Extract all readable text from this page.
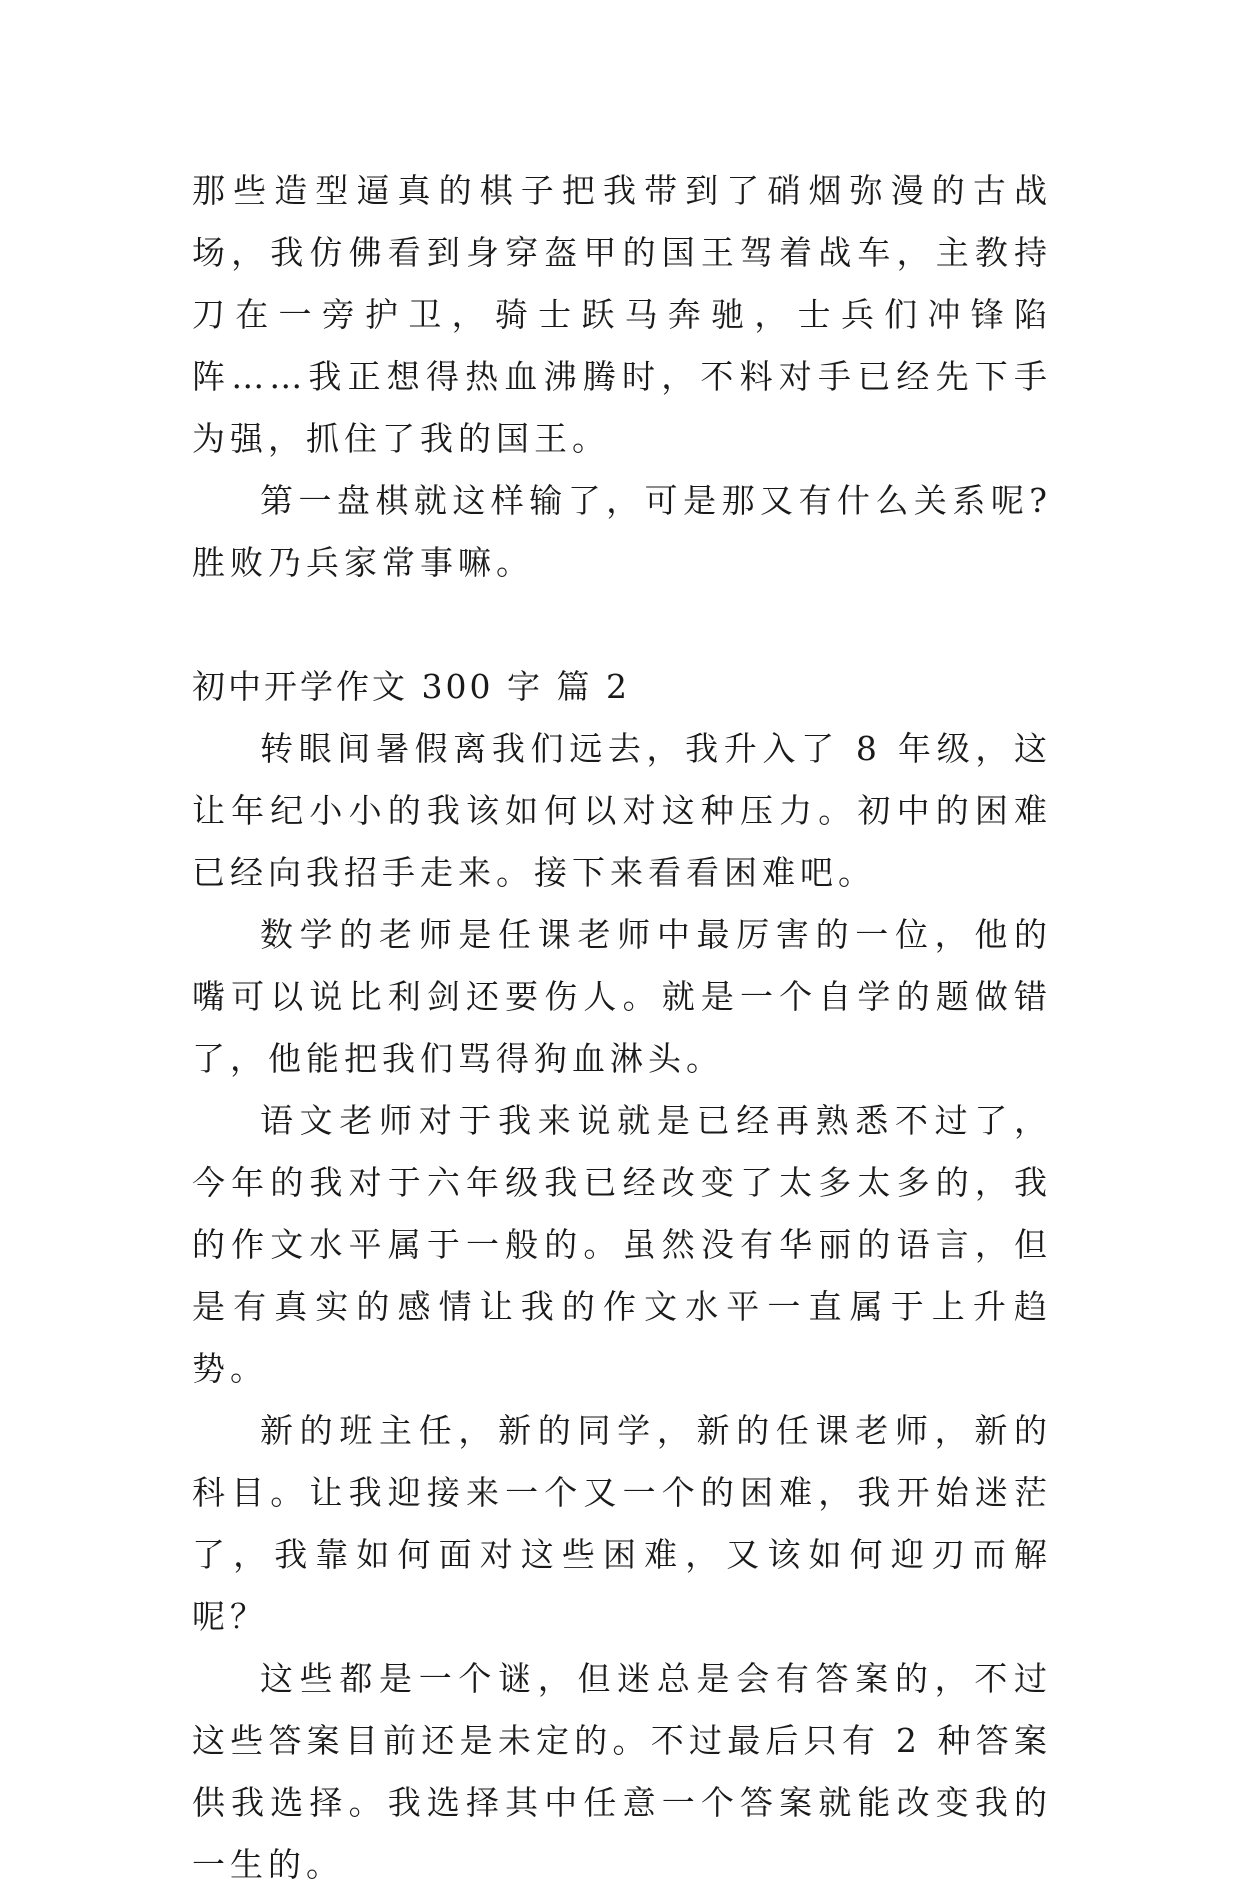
那些造型逼真的棋子把我带到了硝烟弥漫的古战场，我仿佛看到身穿盔甲的国王驾着战车，主教持刀在一旁护卫，骑士跃马奔驰，士兵们冲锋陷阵……我正想得热血沸腾时，不料对手已经先下手为强，抓住了我的国王。

第一盘棋就这样输了，可是那又有什么关系呢?胜败乃兵家常事嘛。

初中开学作文 300 字 篇 2

转眼间暑假离我们远去，我升入了 8 年级，这让年纪小小的我该如何以对这种压力。初中的困难已经向我招手走来。接下来看看困难吧。

数学的老师是任课老师中最厉害的一位，他的嘴可以说比利剑还要伤人。就是一个自学的题做错了，他能把我们骂得狗血淋头。

语文老师对于我来说就是已经再熟悉不过了，今年的我对于六年级我已经改变了太多太多的，我的作文水平属于一般的。虽然没有华丽的语言，但是有真实的感情让我的作文水平一直属于上升趋势。

新的班主任，新的同学，新的任课老师，新的科目。让我迎接来一个又一个的困难，我开始迷茫了，我靠如何面对这些困难，又该如何迎刃而解呢？

这些都是一个谜，但迷总是会有答案的，不过这些答案目前还是未定的。不过最后只有 2 种答案供我选择。我选择其中任意一个答案就能改变我的一生的。
